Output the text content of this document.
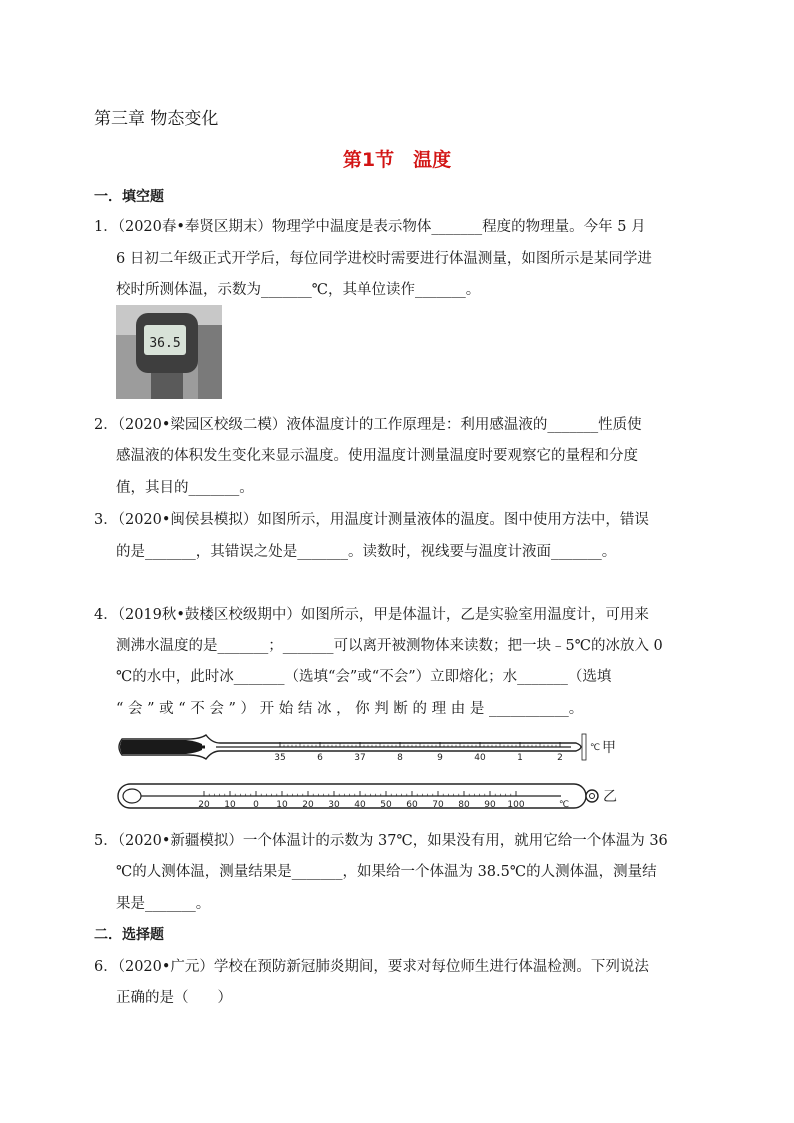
第三章 物态变化
第1节　温度
一．填空题
1．（2020春•奉贤区期末）物理学中温度是表示物体_______程度的物理量。今年 5 月
6 日初二年级正式开学后，每位同学进校时需要进行体温测量，如图所示是某同学进
校时所测体温，示数为_______℃，其单位读作_______。
36.5
2．（2020•梁园区校级二模）液体温度计的工作原理是：利用感温液的_______性质使
感温液的体积发生变化来显示温度。使用温度计测量温度时要观察它的量程和分度
值，其目的_______。
3．（2020•闽侯县模拟）如图所示，用温度计测量液体的温度。图中使用方法中，错误
的是_______，其错误之处是_______。读数时，视线要与温度计液面_______。
4．（2019秋•鼓楼区校级期中）如图所示，甲是体温计，乙是实验室用温度计，可用来
测沸水温度的是_______；_______可以离开被测物体来读数；把一块﹣5℃的冰放入 0
℃的水中，此时冰_______（选填“会”或“不会”）立即熔化；水_______（选填
“ 会 ” 或 “ 不 会 ” ） 开 始 结 冰 ， 你 判 断 的 理 由 是 ___________。
35	6	37	8	9	40	1	2
℃ 甲
20 10 0 10 20 30 40 50 60 70 80 90 100	℃ 乙
5．（2020•新疆模拟）一个体温计的示数为 37℃，如果没有用，就用它给一个体温为 36
℃的人测体温，测量结果是_______，如果给一个体温为 38.5℃的人测体温，测量结
果是_______。
二．选择题
6．（2020•广元）学校在预防新冠肺炎期间，要求对每位师生进行体温检测。下列说法
正确的是（　　）
